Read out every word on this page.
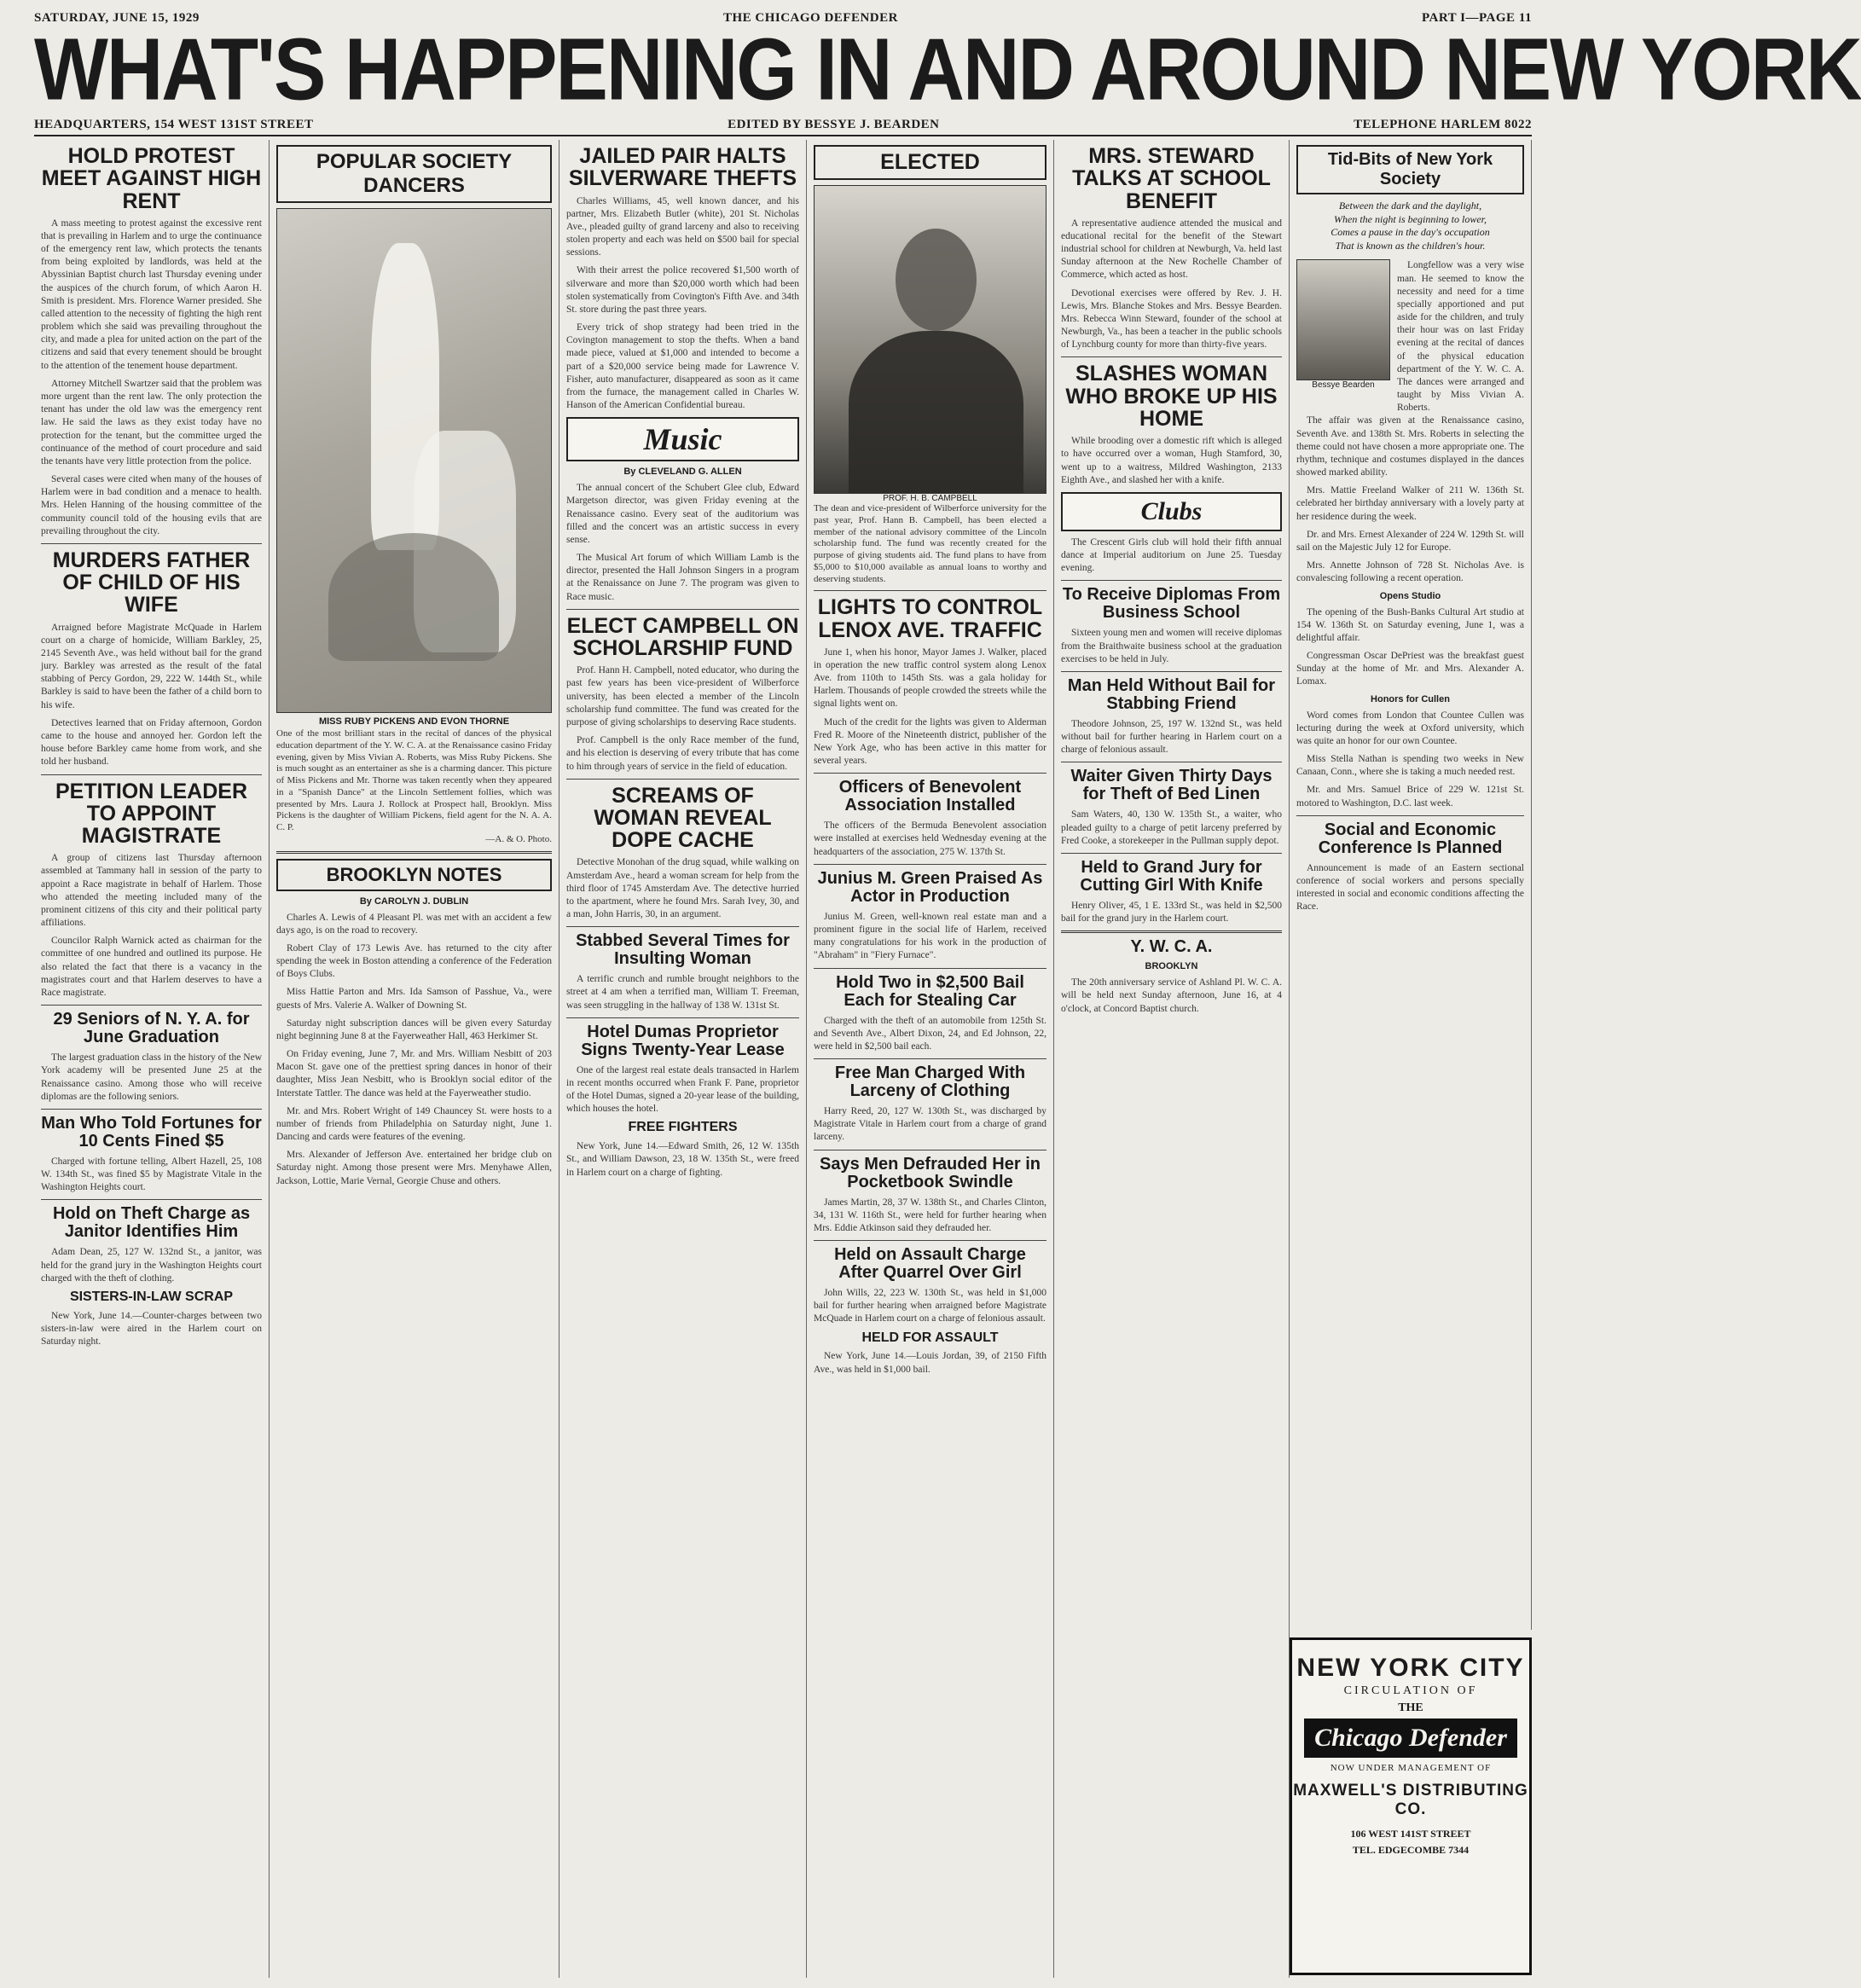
SATURDAY, JUNE 15, 1929	THE CHICAGO DEFENDER	PART I—PAGE 11
WHAT'S HAPPENING IN AND AROUND NEW YORK
HEADQUARTERS, 154 WEST 131ST STREET	EDITED BY BESSYE J. BEARDEN	TELEPHONE HARLEM 8022
HOLD PROTEST MEET AGAINST HIGH RENT

A mass meeting to protest against the excessive rent that is prevailing in Harlem and to urge the continuance of the emergency rent law, which protects the tenants from being exploited by landlords, was held at the Abyssinian Baptist church last Thursday evening under the auspices of the church forum, of which Aaron H. Smith is president. Mrs. Florence Warner presided. She called attention to the necessity of fighting the high rent problem which she said was prevailing throughout the city, and made a plea for united action on the part of the citizens and said that every tenement should be brought to the attention of the tenement house department.

Attorney Mitchell Swartzer said that the problem was more urgent than the rent law. The only protection the tenant has under the old law was the emergency rent law. He said the laws as they exist today have no protection for the tenant, but the committee urged the continuance of the method of court procedure and said the tenants have very little protection from the police.

Several cases were cited when many of the houses of Harlem were in bad condition and a menace to health. Mrs. Helen Hanning of the housing committee of the community council told of the housing evils that are prevailing throughout the city.

MURDERS FATHER OF CHILD OF HIS WIFE

Arraigned before Magistrate McQuade in Harlem court on a charge of homicide, William Barkley, 25, 2145 Seventh Ave., was held without bail for the grand jury. Barkley was arrested as the result of the fatal stabbing of Percy Gordon, 29, 222 W. 144th St., while Barkley is said to have been the father of a child born to his wife.

Detectives learned that on Friday afternoon, Gordon came to the house and annoyed her. Gordon left the house before Barkley came home from work, and she told her husband.

PETITION LEADER TO APPOINT MAGISTRATE

A group of citizens last Thursday afternoon assembled at Tammany hall in session of the party to appoint a Race magistrate in behalf of Harlem. Those who attended the meeting included many of the prominent citizens of this city and their political party affiliations.

Councilor Ralph Warnick acted as chairman for the committee of one hundred and outlined its purpose. He also related the fact that there is a vacancy in the magistrates court and that Harlem deserves to have a Race magistrate.

29 Seniors of N. Y. A. for June Graduation

The largest graduation class in the history of the New York academy will be presented June 25 at the Renaissance casino. Among those who will receive diplomas are the following seniors.

Man Who Told Fortunes for 10 Cents Fined $5

Charged with fortune telling, Albert Hazell, 25, 108 W. 134th St., was fined $5 by Magistrate Vitale in the Washington Heights court.

Hold on Theft Charge as Janitor Identifies Him

Adam Dean, 25, 127 W. 132nd St., a janitor, was held for the grand jury in the Washington Heights court charged with the theft of clothing.

SISTERS-IN-LAW SCRAP

New York, June 14.—Counter-charges between two sisters-in-law were aired in the Harlem court on Saturday night.

POPULAR SOCIETY DANCERS
MISS RUBY PICKENS AND EVON THORNE
One of the most brilliant stars in the recital of dances of the physical education department of the Y. W. C. A. at the Renaissance casino Friday evening, given by Miss Vivian A. Roberts, was Miss Ruby Pickens. She is much sought as an entertainer as she is a charming dancer. This picture of Miss Pickens and Mr. Thorne was taken recently when they appeared in a "Spanish Dance" at the Lincoln Settlement follies, which was presented by Mrs. Laura J. Rollock at Prospect hall, Brooklyn. Miss Pickens is the daughter of William Pickens, field agent for the N. A. A. C. P.
—A. & O. Photo.
BROOKLYN NOTES
By CAROLYN J. DUBLIN

Charles A. Lewis of 4 Pleasant Pl. was met with an accident a few days ago, is on the road to recovery.

Robert Clay of 173 Lewis Ave. has returned to the city after spending the week in Boston attending a conference of the Federation of Boys Clubs.

Miss Hattie Parton and Mrs. Ida Samson of Passhue, Va., were guests of Mrs. Valerie A. Walker of Downing St.

Saturday night subscription dances will be given every Saturday night beginning June 8 at the Fayerweather Hall, 463 Herkimer St.

On Friday evening, June 7, Mr. and Mrs. William Nesbitt of 203 Macon St. gave one of the prettiest spring dances in honor of their daughter, Miss Jean Nesbitt, who is Brooklyn social editor of the Interstate Tattler. The dance was held at the Fayerweather studio.

Mr. and Mrs. Robert Wright of 149 Chauncey St. were hosts to a number of friends from Philadelphia on Saturday night, June 1. Dancing and cards were features of the evening.

Mrs. Alexander of Jefferson Ave. entertained her bridge club on Saturday night. Among those present were Mrs. Menyhawe Allen, Jackson, Lottie, Marie Vernal, Georgie Chuse and others.

JAILED PAIR HALTS SILVERWARE THEFTS

Charles Williams, 45, well known dancer, and his partner, Mrs. Elizabeth Butler (white), 201 St. Nicholas Ave., pleaded guilty of grand larceny and also to receiving stolen property and each was held on $500 bail for special sessions.

With their arrest the police recovered $1,500 worth of silverware and more than $20,000 worth which had been stolen systematically from Covington's Fifth Ave. and 34th St. store during the past three years.

Every trick of shop strategy had been tried in the Covington management to stop the thefts. When a band made piece, valued at $1,000 and intended to become a part of a $20,000 service being made for Lawrence V. Fisher, auto manufacturer, disappeared as soon as it came from the furnace, the management called in Charles W. Hanson of the American Confidential bureau.

Music
By CLEVELAND G. ALLEN

The annual concert of the Schubert Glee club, Edward Margetson director, was given Friday evening at the Renaissance casino. Every seat of the auditorium was filled and the concert was an artistic success in every sense.

The Musical Art forum of which William Lamb is the director, presented the Hall Johnson Singers in a program at the Renaissance on June 7. The program was given to Race music.

ELECT CAMPBELL ON SCHOLARSHIP FUND

Prof. Hann H. Campbell, noted educator, who during the past few years has been vice-president of Wilberforce university, has been elected a member of the Lincoln scholarship fund committee. The fund was created for the purpose of giving scholarships to deserving Race students.

Prof. Campbell is the only Race member of the fund, and his election is deserving of every tribute that has come to him through years of service in the field of education.

SCREAMS OF WOMAN REVEAL DOPE CACHE

Detective Monohan of the drug squad, while walking on Amsterdam Ave., heard a woman scream for help from the third floor of 1745 Amsterdam Ave. The detective hurried to the apartment, where he found Mrs. Sarah Ivey, 30, and a man, John Harris, 30, in an argument.

Stabbed Several Times for Insulting Woman

A terrific crunch and rumble brought neighbors to the street at 4 am when a terrified man, William T. Freeman, was seen struggling in the hallway of 138 W. 131st St.

Hotel Dumas Proprietor Signs Twenty-Year Lease

One of the largest real estate deals transacted in Harlem in recent months occurred when Frank F. Pane, proprietor of the Hotel Dumas, signed a 20-year lease of the building, which houses the hotel.

FREE FIGHTERS

New York, June 14.—Edward Smith, 26, 12 W. 135th St., and William Dawson, 23, 18 W. 135th St., were freed in Harlem court on a charge of fighting.

ELECTED
PROF. H. B. CAMPBELL
The dean and vice-president of Wilberforce university for the past year, Prof. Hann B. Campbell, has been elected a member of the national advisory committee of the Lincoln scholarship fund. The fund was recently created for the purpose of giving students aid. The fund plans to have from $5,000 to $10,000 available as annual loans to worthy and deserving students.
LIGHTS TO CONTROL LENOX AVE. TRAFFIC

June 1, when his honor, Mayor James J. Walker, placed in operation the new traffic control system along Lenox Ave. from 110th to 145th Sts. was a gala holiday for Harlem. Thousands of people crowded the streets while the signal lights went on.

Much of the credit for the lights was given to Alderman Fred R. Moore of the Nineteenth district, publisher of the New York Age, who has been active in this matter for several years.

Officers of Benevolent Association Installed

The officers of the Bermuda Benevolent association were installed at exercises held Wednesday evening at the headquarters of the association, 275 W. 137th St.

Junius M. Green Praised As Actor in Production

Junius M. Green, well-known real estate man and a prominent figure in the social life of Harlem, received many congratulations for his work in the production of "Abraham" in "Fiery Furnace".

Hold Two in $2,500 Bail Each for Stealing Car

Charged with the theft of an automobile from 125th St. and Seventh Ave., Albert Dixon, 24, and Ed Johnson, 22, were held in $2,500 bail each.

Free Man Charged With Larceny of Clothing

Harry Reed, 20, 127 W. 130th St., was discharged by Magistrate Vitale in Harlem court from a charge of grand larceny.

Says Men Defrauded Her in Pocketbook Swindle

James Martin, 28, 37 W. 138th St., and Charles Clinton, 34, 131 W. 116th St., were held for further hearing when Mrs. Eddie Atkinson said they defrauded her.

Held on Assault Charge After Quarrel Over Girl

John Wills, 22, 223 W. 130th St., was held in $1,000 bail for further hearing when arraigned before Magistrate McQuade in Harlem court on a charge of felonious assault.

HELD FOR ASSAULT

New York, June 14.—Louis Jordan, 39, of 2150 Fifth Ave., was held in $1,000 bail.

MRS. STEWARD TALKS AT SCHOOL BENEFIT

A representative audience attended the musical and educational recital for the benefit of the Stewart industrial school for children at Newburgh, Va. held last Sunday afternoon at the New Rochelle Chamber of Commerce, which acted as host.

Devotional exercises were offered by Rev. J. H. Lewis, Mrs. Blanche Stokes and Mrs. Bessye Bearden. Mrs. Rebecca Winn Steward, founder of the school at Newburgh, Va., has been a teacher in the public schools of Lynchburg county for more than thirty-five years.

SLASHES WOMAN WHO BROKE UP HIS HOME

While brooding over a domestic rift which is alleged to have occurred over a woman, Hugh Stamford, 30, went up to a waitress, Mildred Washington, 2133 Eighth Ave., and slashed her with a knife.

Clubs

The Crescent Girls club will hold their fifth annual dance at Imperial auditorium on June 25. Tuesday evening.

To Receive Diplomas From Business School

Sixteen young men and women will receive diplomas from the Braithwaite business school at the graduation exercises to be held in July.

Man Held Without Bail for Stabbing Friend

Theodore Johnson, 25, 197 W. 132nd St., was held without bail for further hearing in Harlem court on a charge of felonious assault.

Waiter Given Thirty Days for Theft of Bed Linen

Sam Waters, 40, 130 W. 135th St., a waiter, who pleaded guilty to a charge of petit larceny preferred by Fred Cooke, a storekeeper in the Pullman supply depot.

Held to Grand Jury for Cutting Girl With Knife

Henry Oliver, 45, 1 E. 133rd St., was held in $2,500 bail for the grand jury in the Harlem court.

Y. W. C. A.
BROOKLYN

The 20th anniversary service of Ashland Pl. W. C. A. will be held next Sunday afternoon, June 16, at 4 o'clock, at Concord Baptist church.

Tid-Bits of New York Society
Between the dark and the daylight,
When the night is beginning to lower,
Comes a pause in the day's occupation
That is known as the children's hour.
Bessye Bearden

Longfellow was a very wise man. He seemed to know the necessity and need for a time specially apportioned and put aside for the children, and truly their hour was on last Friday evening at the recital of dances of the physical education department of the Y. W. C. A. The dances were arranged and taught by Miss Vivian A. Roberts.

The affair was given at the Renaissance casino, Seventh Ave. and 138th St. Mrs. Roberts in selecting the theme could not have chosen a more appropriate one. The rhythm, technique and costumes displayed in the dances showed marked ability.

Mrs. Mattie Freeland Walker of 211 W. 136th St. celebrated her birthday anniversary with a lovely party at her residence during the week.

Dr. and Mrs. Ernest Alexander of 224 W. 129th St. will sail on the Majestic July 12 for Europe.

Mrs. Annette Johnson of 728 St. Nicholas Ave. is convalescing following a recent operation.

Opens Studio

The opening of the Bush-Banks Cultural Art studio at 154 W. 136th St. on Saturday evening, June 1, was a delightful affair.

Congressman Oscar DePriest was the breakfast guest Sunday at the home of Mr. and Mrs. Alexander A. Lomax.

Honors for Cullen

Word comes from London that Countee Cullen was lecturing during the week at Oxford university, which was quite an honor for our own Countee.

Miss Stella Nathan is spending two weeks in New Canaan, Conn., where she is taking a much needed rest.

Mr. and Mrs. Samuel Brice of 229 W. 121st St. motored to Washington, D.C. last week.

Social and Economic Conference Is Planned

Announcement is made of an Eastern sectional conference of social workers and persons specially interested in social and economic conditions affecting the Race.

NEW YORK CITY
CIRCULATION OF
THE
Chicago Defender
NOW UNDER MANAGEMENT OF
MAXWELL'S DISTRIBUTING CO.
106 WEST 141ST STREET
TEL. EDGECOMBE 7344
